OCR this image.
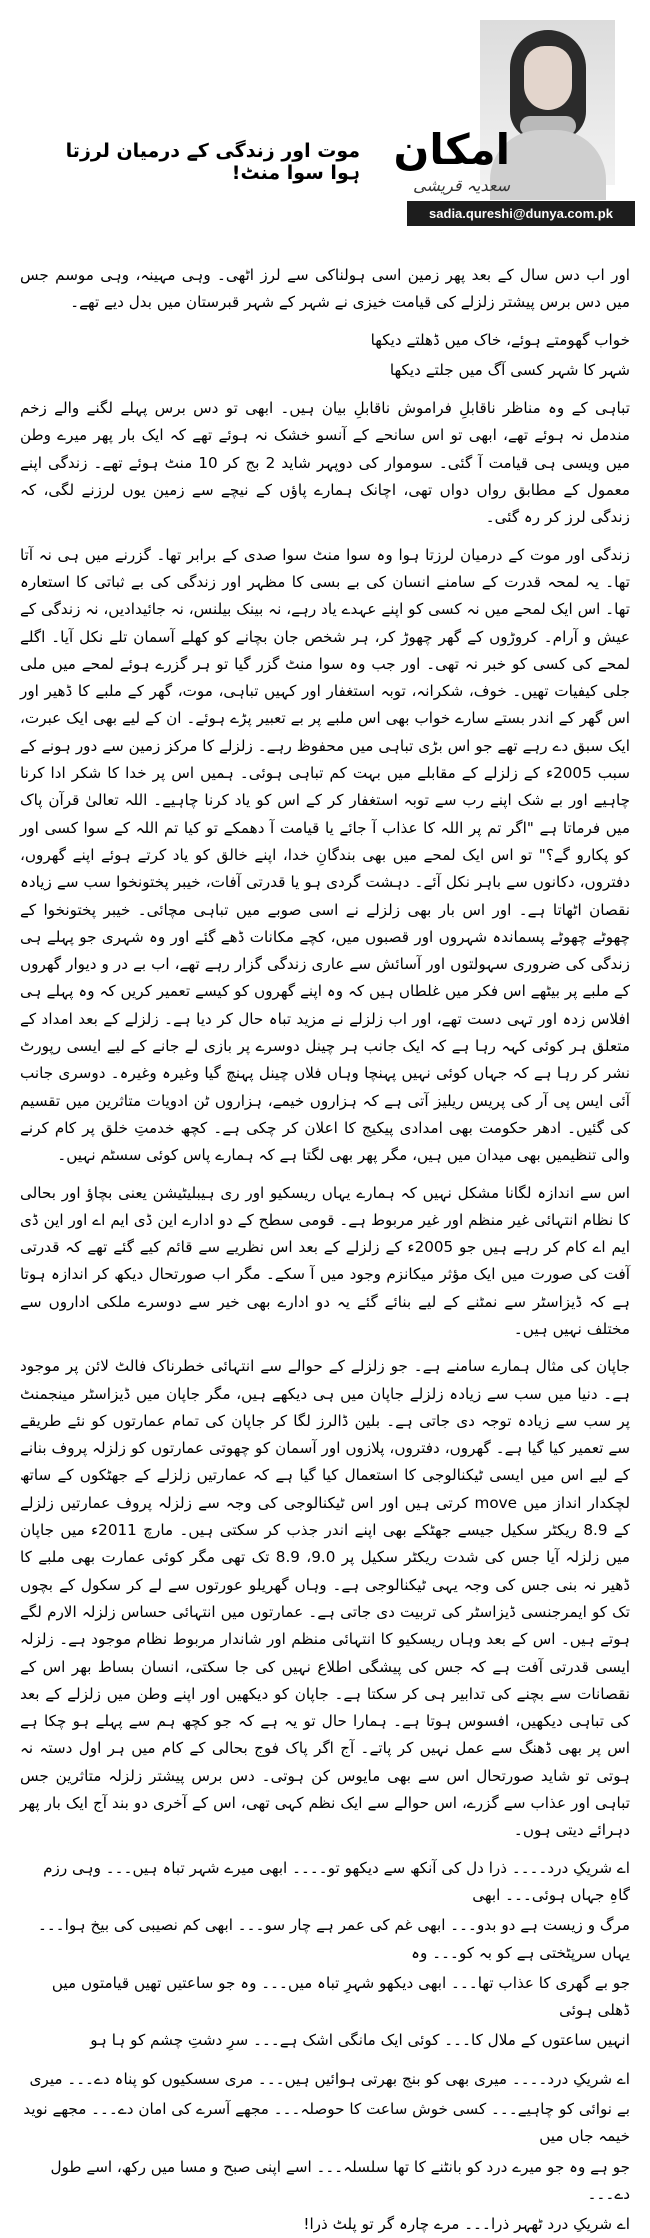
امکان
سعدیہ قریشی
sadia.qureshi@dunya.com.pk
موت اور زندگی کے درمیان لرزتا ہوا سوا منٹ!

اور اب دس سال کے بعد پھر زمین اسی ہولناکی سے لرز اٹھی۔ وہی مہینہ، وہی موسم جس میں دس برس پیشتر زلزلے کی قیامت خیزی نے شہر کے شہر قبرستان میں بدل دیے تھے۔

خواب گھومتے ہوئے، خاک میں ڈھلتے دیکھا

شہر کا شہر کسی آگ میں جلتے دیکھا

تباہی کے وہ مناظر ناقابلِ فراموش ناقابلِ بیان ہیں۔ ابھی تو دس برس پہلے لگنے والے زخم مندمل نہ ہوئے تھے، ابھی تو اس سانحے کے آنسو خشک نہ ہوئے تھے کہ ایک بار پھر میرے وطن میں ویسی ہی قیامت آ گئی۔ سوموار کی دوپہر شاید 2 بج کر 10 منٹ ہوئے تھے۔ زندگی اپنے معمول کے مطابق رواں دواں تھی، اچانک ہمارے پاؤں کے نیچے سے زمین یوں لرزنے لگی، کہ زندگی لرز کر رہ گئی۔

زندگی اور موت کے درمیان لرزتا ہوا وہ سوا منٹ سوا صدی کے برابر تھا۔ گزرنے میں ہی نہ آتا تھا۔ یہ لمحہ قدرت کے سامنے انسان کی بے بسی کا مظہر اور زندگی کی بے ثباتی کا استعارہ تھا۔ اس ایک لمحے میں نہ کسی کو اپنے عہدے یاد رہے، نہ بینک بیلنس، نہ جائیدادیں، نہ زندگی کے عیش و آرام۔ کروڑوں کے گھر چھوڑ کر، ہر شخص جان بچانے کو کھلے آسمان تلے نکل آیا۔ اگلے لمحے کی کسی کو خبر نہ تھی۔ اور جب وہ سوا منٹ گزر گیا تو ہر گزرے ہوئے لمحے میں ملی جلی کیفیات تھیں۔ خوف، شکرانہ، توبہ استغفار اور کہیں تباہی، موت، گھر کے ملبے کا ڈھیر اور اس گھر کے اندر بستے سارے خواب بھی اس ملبے پر بے تعبیر پڑے ہوئے۔ ان کے لیے بھی ایک عبرت، ایک سبق دے رہے تھے جو اس بڑی تباہی میں محفوظ رہے۔ زلزلے کا مرکز زمین سے دور ہونے کے سبب 2005ء کے زلزلے کے مقابلے میں بہت کم تباہی ہوئی۔ ہمیں اس پر خدا کا شکر ادا کرنا چاہیے اور بے شک اپنے رب سے توبہ استغفار کر کے اس کو یاد کرنا چاہیے۔ اللہ تعالیٰ قرآن پاک میں فرماتا ہے "اگر تم پر اللہ کا عذاب آ جائے یا قیامت آ دھمکے تو کیا تم اللہ کے سوا کسی اور کو پکارو گے؟" تو اس ایک لمحے میں بھی بندگانِ خدا، اپنے خالق کو یاد کرتے ہوئے اپنے گھروں، دفتروں، دکانوں سے باہر نکل آئے۔ دہشت گردی ہو یا قدرتی آفات، خیبر پختونخوا سب سے زیادہ نقصان اٹھاتا ہے۔ اور اس بار بھی زلزلے نے اسی صوبے میں تباہی مچائی۔ خیبر پختونخوا کے چھوٹے چھوٹے پسماندہ شہروں اور قصبوں میں، کچے مکانات ڈھے گئے اور وہ شہری جو پہلے ہی زندگی کی ضروری سہولتوں اور آسائش سے عاری زندگی گزار رہے تھے، اب بے در و دیوار گھروں کے ملبے پر بیٹھے اس فکر میں غلطاں ہیں کہ وہ اپنے گھروں کو کیسے تعمیر کریں کہ وہ پہلے ہی افلاس زدہ اور تہی دست تھے، اور اب زلزلے نے مزید تباہ حال کر دیا ہے۔ زلزلے کے بعد امداد کے متعلق ہر کوئی کہہ رہا ہے کہ ایک جانب ہر چینل دوسرے پر بازی لے جانے کے لیے ایسی رپورٹ نشر کر رہا ہے کہ جہاں کوئی نہیں پہنچا وہاں فلاں چینل پہنچ گیا وغیرہ وغیرہ۔ دوسری جانب آئی ایس پی آر کی پریس ریلیز آتی ہے کہ ہزاروں خیمے، ہزاروں ٹن ادویات متاثرین میں تقسیم کی گئیں۔ ادھر حکومت بھی امدادی پیکیج کا اعلان کر چکی ہے۔ کچھ خدمتِ خلق پر کام کرنے والی تنظیمیں بھی میدان میں ہیں، مگر پھر بھی لگتا ہے کہ ہمارے پاس کوئی سسٹم نہیں۔

اس سے اندازہ لگانا مشکل نہیں کہ ہمارے یہاں ریسکیو اور ری ہیبلیٹیشن یعنی بچاؤ اور بحالی کا نظام انتہائی غیر منظم اور غیر مربوط ہے۔ قومی سطح کے دو ادارے این ڈی ایم اے اور این ڈی ایم اے کام کر رہے ہیں جو 2005ء کے زلزلے کے بعد اس نظریے سے قائم کیے گئے تھے کہ قدرتی آفت کی صورت میں ایک مؤثر میکانزم وجود میں آ سکے۔ مگر اب صورتحال دیکھ کر اندازہ ہوتا ہے کہ ڈیزاسٹر سے نمٹنے کے لیے بنائے گئے یہ دو ادارے بھی خیر سے دوسرے ملکی اداروں سے مختلف نہیں ہیں۔

جاپان کی مثال ہمارے سامنے ہے۔ جو زلزلے کے حوالے سے انتہائی خطرناک فالٹ لائن پر موجود ہے۔ دنیا میں سب سے زیادہ زلزلے جاپان میں ہی دیکھے ہیں، مگر جاپان میں ڈیزاسٹر مینجمنٹ پر سب سے زیادہ توجہ دی جاتی ہے۔ بلین ڈالرز لگا کر جاپان کی تمام عمارتوں کو نئے طریقے سے تعمیر کیا گیا ہے۔ گھروں، دفتروں، پلازوں اور آسمان کو چھوتی عمارتوں کو زلزلہ پروف بنانے کے لیے اس میں ایسی ٹیکنالوجی کا استعمال کیا گیا ہے کہ عمارتیں زلزلے کے جھٹکوں کے ساتھ لچکدار انداز میں move کرتی ہیں اور اس ٹیکنالوجی کی وجہ سے زلزلہ پروف عمارتیں زلزلے کے 8.9 ریکٹر سکیل جیسے جھٹکے بھی اپنے اندر جذب کر سکتی ہیں۔ مارچ 2011ء میں جاپان میں زلزلہ آیا جس کی شدت ریکٹر سکیل پر 9.0، 8.9 تک تھی مگر کوئی عمارت بھی ملبے کا ڈھیر نہ بنی جس کی وجہ یہی ٹیکنالوجی ہے۔ وہاں گھریلو عورتوں سے لے کر سکول کے بچوں تک کو ایمرجنسی ڈیزاسٹر کی تربیت دی جاتی ہے۔ عمارتوں میں انتہائی حساس زلزلہ الارم لگے ہوتے ہیں۔ اس کے بعد وہاں ریسکیو کا انتہائی منظم اور شاندار مربوط نظام موجود ہے۔ زلزلہ ایسی قدرتی آفت ہے کہ جس کی پیشگی اطلاع نہیں کی جا سکتی، انسان بساط بھر اس کے نقصانات سے بچنے کی تدابیر ہی کر سکتا ہے۔ جاپان کو دیکھیں اور اپنے وطن میں زلزلے کے بعد کی تباہی دیکھیں، افسوس ہوتا ہے۔ ہمارا حال تو یہ ہے کہ جو کچھ ہم سے پہلے ہو چکا ہے اس پر بھی ڈھنگ سے عمل نہیں کر پاتے۔ آج اگر پاک فوج بحالی کے کام میں ہر اول دستہ نہ ہوتی تو شاید صورتحال اس سے بھی مایوس کن ہوتی۔ دس برس پیشتر زلزلہ متاثرین جس تباہی اور عذاب سے گزرے، اس حوالے سے ایک نظم کہی تھی، اس کے آخری دو بند آج ایک بار پھر دہرائے دیتی ہوں۔

اے شریکِ درد۔۔۔۔ ذرا دل کی آنکھ سے دیکھو تو۔۔۔۔ ابھی میرے شہر تباہ ہیں۔۔۔ وہی رزم گاہِ جہاں ہوئی۔۔۔ ابھی

مرگ و زیست ہے دو بدو۔۔۔ ابھی غم کی عمر ہے چار سو۔۔۔ ابھی کم نصیبی کی بیخ ہوا۔۔۔ یہاں سرپٹختی ہے کو بہ کو۔۔۔ وہ

جو بے گھری کا عذاب تھا۔۔۔ ابھی دیکھو شہرِ تباہ میں۔۔۔ وہ جو ساعتیں تھیں قیامتوں میں ڈھلی ہوئی

انہیں ساعتوں کے ملال کا۔۔۔ کوئی ایک مانگی اشک ہے۔۔۔ سرِ دشتِ چشم کو ہا ہو

اے شریکِ درد۔۔۔۔ میری بھی کو بنج بھرتی ہوائیں ہیں۔۔۔ مری سسکیوں کو پناہ دے۔۔۔ میری

بے نوائی کو چاہیے۔۔۔ کسی خوش ساعت کا حوصلہ۔۔۔ مجھے آسرے کی امان دے۔۔۔ مجھے نوید خیمہ جاں میں

جو ہے وہ جو میرے درد کو بانٹنے کا تھا سلسلہ۔۔۔ اسے اپنی صبح و مسا میں رکھ، اسے طول دے۔۔۔

اے شریکِ درد ٹھہر ذرا۔۔۔ مرے چارہ گر تو پلٹ ذرا!
